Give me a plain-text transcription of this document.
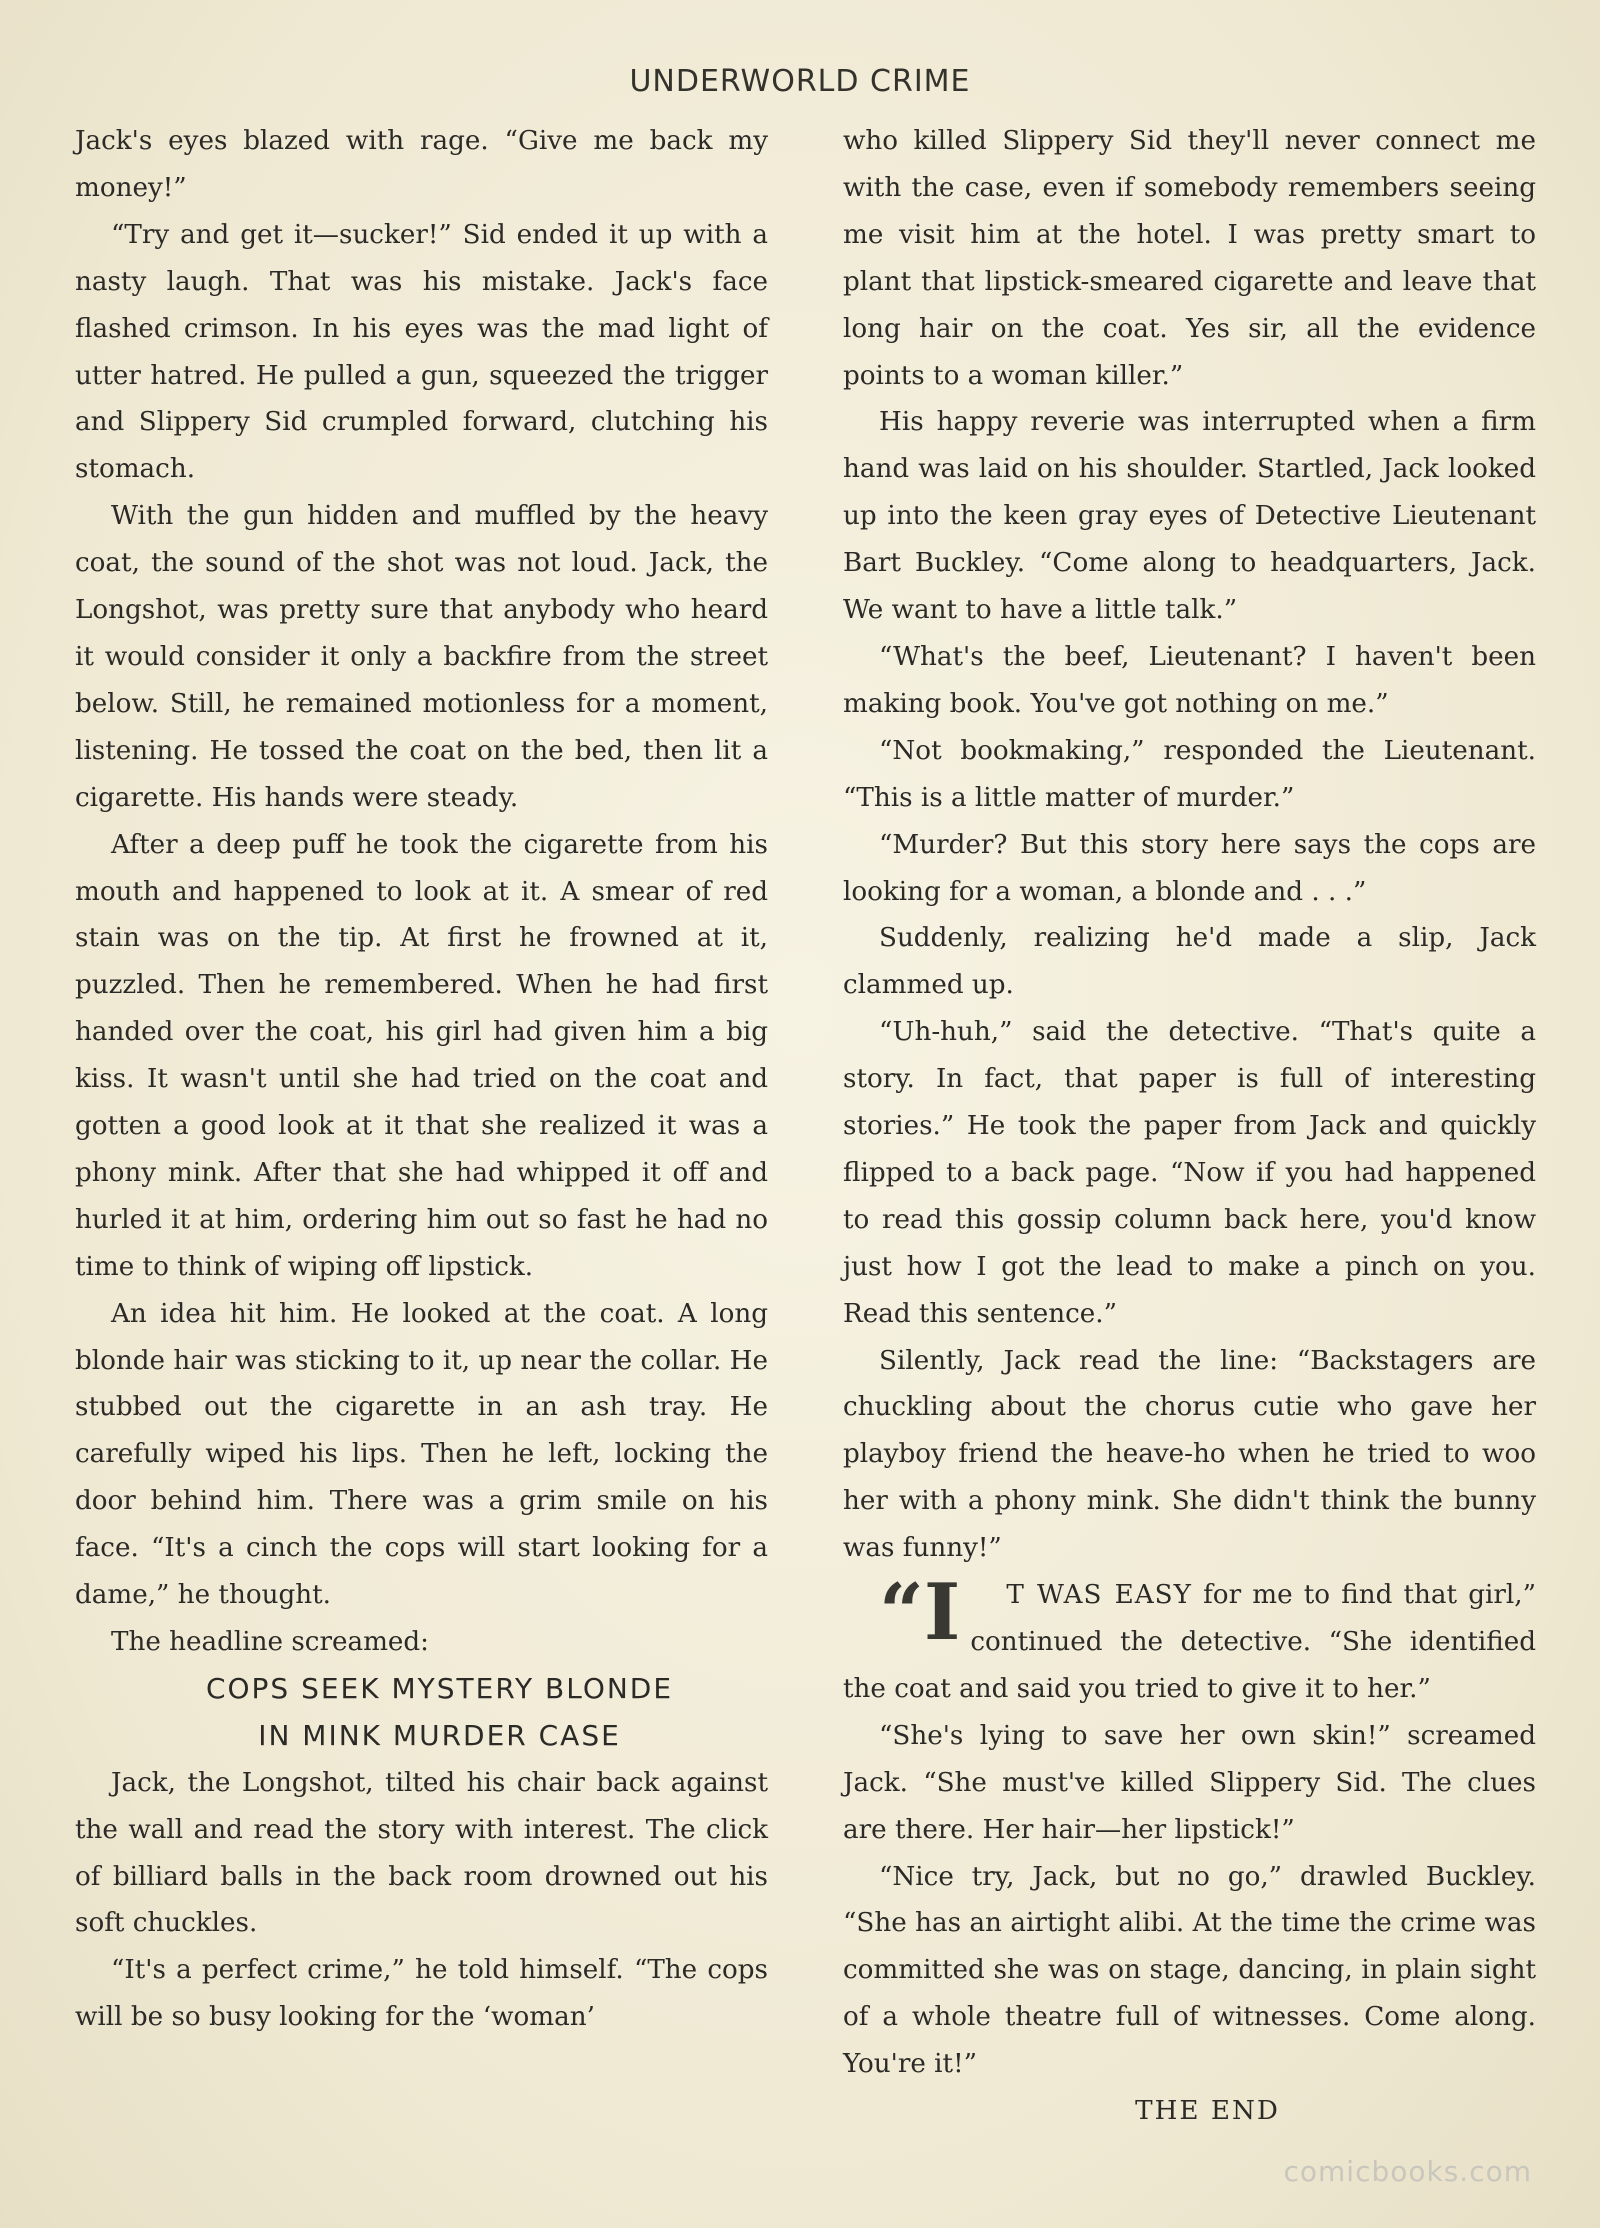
UNDERWORLD CRIME

Jack's eyes blazed with rage. “Give me back my money!”

“Try and get it—sucker!” Sid ended it up with a nasty laugh. That was his mistake. Jack's face flashed crimson. In his eyes was the mad light of utter hatred. He pulled a gun, squeezed the trigger and Slippery Sid crumpled forward, clutching his stomach.

With the gun hidden and muffled by the heavy coat, the sound of the shot was not loud. Jack, the Longshot, was pretty sure that anybody who heard it would consider it only a backfire from the street below. Still, he remained motionless for a moment, listening. He tossed the coat on the bed, then lit a cigarette. His hands were steady.

After a deep puff he took the cigarette from his mouth and happened to look at it. A smear of red stain was on the tip. At first he frowned at it, puzzled. Then he remembered. When he had first handed over the coat, his girl had given him a big kiss. It wasn't until she had tried on the coat and gotten a good look at it that she realized it was a phony mink. After that she had whipped it off and hurled it at him, ordering him out so fast he had no time to think of wiping off lipstick.

An idea hit him. He looked at the coat. A long blonde hair was sticking to it, up near the collar. He stubbed out the cigarette in an ash tray. He carefully wiped his lips. Then he left, locking the door behind him. There was a grim smile on his face. “It's a cinch the cops will start looking for a dame,” he thought.

The headline screamed:

COPS SEEK MYSTERY BLONDE

IN MINK MURDER CASE

Jack, the Longshot, tilted his chair back against the wall and read the story with interest. The click of billiard balls in the back room drowned out his soft chuckles.

“It's a perfect crime,” he told himself. “The cops will be so busy looking for the ‘woman’

who killed Slippery Sid they'll never connect me with the case, even if somebody remembers seeing me visit him at the hotel. I was pretty smart to plant that lipstick-smeared cigarette and leave that long hair on the coat. Yes sir, all the evidence points to a woman killer.”

His happy reverie was interrupted when a firm hand was laid on his shoulder. Startled, Jack looked up into the keen gray eyes of Detective Lieutenant Bart Buckley. “Come along to headquarters, Jack. We want to have a little talk.”

“What's the beef, Lieutenant? I haven't been making book. You've got nothing on me.”

“Not bookmaking,” responded the Lieutenant. “This is a little matter of murder.”

“Murder? But this story here says the cops are looking for a woman, a blonde and . . .”

Suddenly, realizing he'd made a slip, Jack clammed up.

“Uh-huh,” said the detective. “That's quite a story. In fact, that paper is full of interesting stories.” He took the paper from Jack and quickly flipped to a back page. “Now if you had happened to read this gossip column back here, you'd know just how I got the lead to make a pinch on you. Read this sentence.”

Silently, Jack read the line: “Backstagers are chuckling about the chorus cutie who gave her playboy friend the heave-ho when he tried to woo her with a phony mink. She didn't think the bunny was funny!”

“I T WAS EASY for me to find that girl,” continued the detective. “She identified the coat and said you tried to give it to her.”

“She's lying to save her own skin!” screamed Jack. “She must've killed Slippery Sid. The clues are there. Her hair—her lipstick!”

“Nice try, Jack, but no go,” drawled Buckley. “She has an airtight alibi. At the time the crime was committed she was on stage, dancing, in plain sight of a whole theatre full of witnesses. Come along. You're it!”

THE END

comicbooks.com
